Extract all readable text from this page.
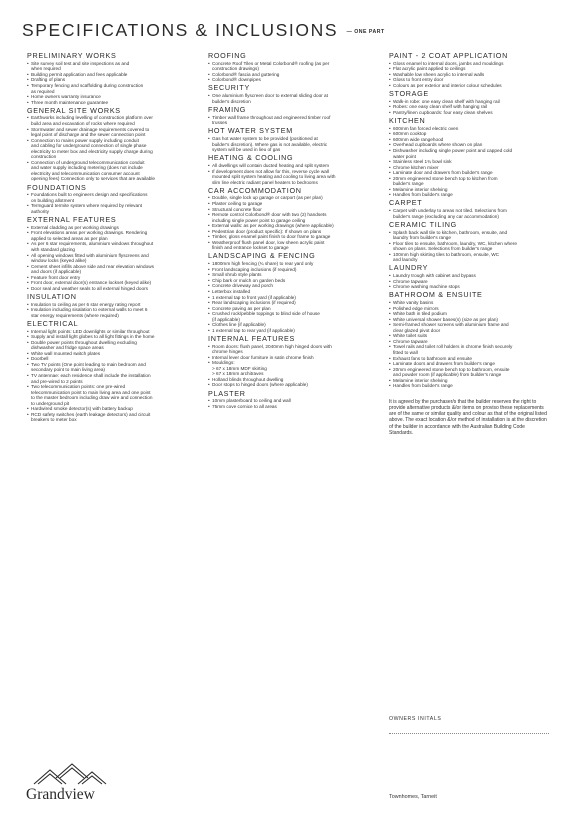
SPECIFICATIONS & INCLUSIONS — ONE PART
PRELIMINARY WORKS
• Site survey soil test and site inspections as and
when required
• Building permit application and fees applicable
• Drafting of plans
• Temporary fencing and scaffolding during construction
as required
• Home owners warranty insurance
• Three month maintenance guarantee
GENERAL SITE WORKS
• Earthworks including levelling of construction platform over
build area and excavation of rocks where required
• Stormwater and sewer drainage requirements covered to
legal point of discharge and the sewer connection point
• Connection to mains power supply including conduit
and cabling for underground connection of single phase
electricity to meter box and electricity supply charge during
construction
• Connection of underground telecommunication conduit
and water supply including metering (does not include
electricity and telecommunication consumer account
opening fees) Connection only to services that are available
FOUNDATIONS
• Foundations built to engineers design and specifications
on building allotment
• Termguard termite system where required by relevant
authority
EXTERNAL FEATURES
• External cladding as per working drawings
• Front elevations areas per working drawings. Rendering
applied to selected areas as per plan
• As per 6 star requirements, aluminium windows throughout
with standard glazing
• All opening windows fitted with aluminium flyscreens and
window locks (keyed alike)
• Cement sheet infills above side and rear elevation windows
and doors (if applicable)
• Feature front door entry
• Front door, external door(s) entrance lockset (keyed alike)
• Door seal and weather seals to all external hinged doors
INSULATION
• Insulation to ceiling as per 6 star energy rating report
• Insulation including sisalation to external walls to meet 6
star energy requirements (where required)
ELECTRICAL
• Internal light points: LED downlights or similar throughout
• Supply and install light globes to all light fittings in the home
• Double power points throughout dwelling excluding
dishwasher and fridge space areas
• White wall mounted switch plates
• Doorbell
• Two TV points (One point leading to main bedroom and
secondary point to main living area)
• TV antennae: each residence shall include the installation
and pre-wired to 2 points
• Two telecommunication points: one pre-wired
telecommunication point to main living area and one point
to the master bedroom including draw wire and connection
to underground pit
• Hardwired smoke detector(s) with battery backup
• RCD safety switches (earth leakage detectors) and circuit
breakers to meter box
ROOFING
• Concrete Roof Tiles or Metal Colorbond® roofing (as per
construction drawings)
• Colorbond® fascia and guttering
• Colorbond® downpipes
SECURITY
• One aluminium flyscreen door to external sliding door at
builder's discretion
FRAMING
• Timber wall frame throughout and engineered timber roof
trusses
HOT WATER SYSTEM
• Gas hot water system to be provided (positioned at
builder's discretion). Where gas is not available, electric
system will be used in lieu of gas
HEATING & COOLING
• All dwellings will contain ducted heating and split system
• If development does not allow for this, reverse cycle wall
mounted split system heating and cooling to living area with
slim line electric radiant panel heaters to bedrooms
CAR ACCOMMODATION
• Double, single lock up garage or carport (as per plan)
• Plaster ceiling to garage
• Structural concrete floor
• Remote control Colorbond® door with two (2) handsets
including single power point to garage ceiling
• External walls: as per working drawings (where applicable)
• Pedestrian door (product specific): If shown on plans
• Timber, gloss enamel paint finish to door frame to garage
• Weatherproof flush panel door, low sheen acrylic paint
finish and entrance lockset to garage
LANDSCAPING & FENCING
• 1800mm high fencing (¾ share) to rear yard only
• Front landscaping inclusions (if required)
• Small shrub style plants
• Chip bark or mulch on garden beds
• Concrete driveway and porch
• Letterbox installed
• 1 external tap to front yard (if applicable)
• Rear landscaping inclusions (if required)
• Concrete paving as per plan
• Crushed rock/pebble toppings to blind side of house
(if applicable)
• Clothes line (if applicable)
• 1 external tap to rear yard (if applicable)
INTERNAL FEATURES
• Room doors: flush panel, 2040mm high hinged doors with
chrome hinges
• Internal lever door furniture in satin chrome finish
• Mouldings:
> 67 x 18mm MDF skirting
> 67 x 18mm architraves
• Holland blinds throughout dwelling
• Door stops to hinged doors (where applicable)
PLASTER
• 10mm plasterboard to ceiling and wall
• 75mm cove cornice to all areas
PAINT - 2 COAT APPLICATION
• Gloss enamel to internal doors, jambs and mouldings
• Flat acrylic paint applied to ceilings
• Washable low sheen acrylic to internal walls
• Gloss to front entry door
• Colours as per exterior and interior colour schedules
STORAGE
• Walk-in robe: one easy clean shelf with hanging rail
• Robes: one easy clean shelf with hanging rail
• Pantry/linen cupboards: four easy clean shelves
KITCHEN
• 600mm fan forced electric oven
• 600mm cooktop
• 600mm wide rangehood
• Overhead cupboards where shown on plan
• Dishwasher including single power point and capped cold
water point
• Stainless steel 1¾ bowl sink
• Chrome kitchen mixer
• Laminate door and drawers from builder's range
• 20mm engineered stone bench top to kitchen from
builder's range
• Melamine interior shelving
• Handles from builder's range
CARPET
• Carpet with underlay to areas not tiled. Selections from
builder's range (excluding any car accommodation)
CERAMIC TILING
• Splash back wall tile to kitchen, bathroom, ensuite, and
laundry from builder's range
• Floor tiles to ensuite, bathroom, laundry, WC, kitchen where
shown on plans. Selections from builder's range
• 100mm high skirting tiles to bathroom, ensuite, WC
and laundry
LAUNDRY
• Laundry trough with cabinet and bypass
• Chrome tapware
• Chrome washing machine stops
BATHROOM & ENSUITE
• White vanity basins
• Polished edge mirrors
• White bath in tiled podium
• White universal shower bases(s) (size as per plan)
• Semi-framed shower screens with aluminium frame and
clear glazed pivot door
• White toilet suits
• Chrome tapware
• Towel rails and toilet roll holders in chrome finish securely
fitted to wall
• Exhaust fans to bathroom and ensuite
• Laminate doors and drawers from builder's range
• 20mm engineered stone bench top to bathroom, ensuite
and powder room (if applicable) from builder's range
• Melamine interior shelving
• Handles from builder's range

It is agreed by the purchaser/s that the builder reserves the right to provide alternative products &/or items on proviso these replacements are of the same or similar quality and colour as that of the original listed above. The exact location &/or method of installation is at the discretion of the builder in accordance with the Australian Building Code Standards.

OWNERS INITALS
Grandview	Townhomes, Tarneit
